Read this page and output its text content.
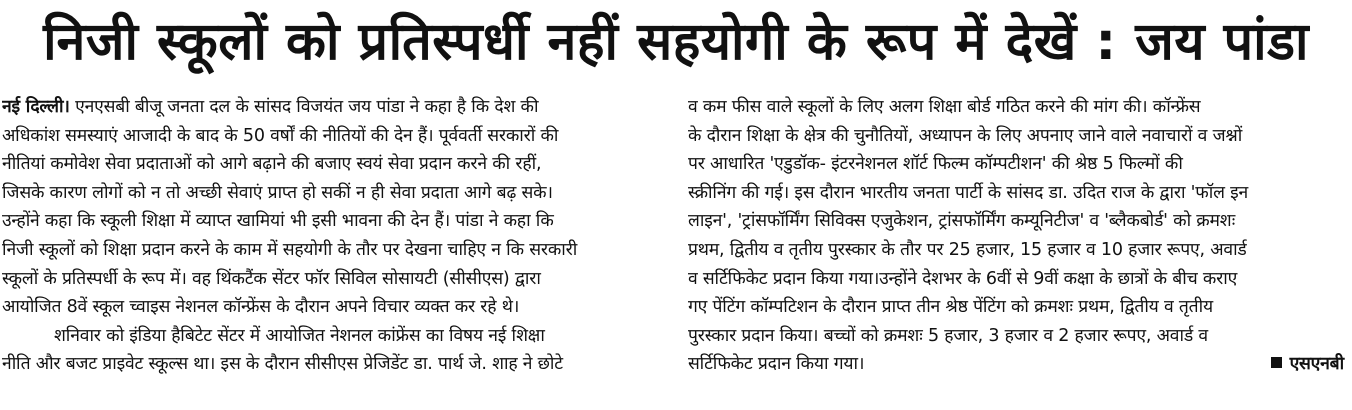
निजी स्कूलों को प्रतिस्पर्धी नहीं सहयोगी के रूप में देखें : जय पांडा
नई दिल्ली। एनएसबी बीजू जनता दल के सांसद विजयंत जय पांडा ने कहा है कि देश की
अधिकांश समस्याएं आजादी के बाद के 50 वर्षों की नीतियों की देन हैं। पूर्ववर्ती सरकारों की
नीतियां कमोवेश सेवा प्रदाताओं को आगे बढ़ाने की बजाए स्वयं सेवा प्रदान करने की रहीं,
जिसके कारण लोगों को न तो अच्छी सेवाएं प्राप्त हो सकीं न ही सेवा प्रदाता आगे बढ़ सके।
उन्होंने कहा कि स्कूली शिक्षा में व्याप्त खामियां भी इसी भावना की देन हैं। पांडा ने कहा कि
निजी स्कूलों को शिक्षा प्रदान करने के काम में सहयोगी के तौर पर देखना चाहिए न कि सरकारी
स्कूलों के प्रतिस्पर्धी के रूप में। वह थिंकटैंक सेंटर फॉर सिविल सोसायटी (सीसीएस) द्वारा
आयोजित 8वें स्कूल च्वाइस नेशनल कॉन्फ्रेंस के दौरान अपने विचार व्यक्त कर रहे थे।
शनिवार को इंडिया हैबिटेट सेंटर में आयोजित नेशनल कांफ्रेंस का विषय नई शिक्षा
नीति और बजट प्राइवेट स्कूल्स था। इस के दौरान सीसीएस प्रेजिडेंट डा. पार्थ जे. शाह ने छोटे
व कम फीस वाले स्कूलों के लिए अलग शिक्षा बोर्ड गठित करने की मांग की। कॉन्फ्रेंस
के दौरान शिक्षा के क्षेत्र की चुनौतियों, अध्यापन के लिए अपनाए जाने वाले नवाचारों व जश्नों
पर आधारित 'एडुडॉक- इंटरनेशनल शॉर्ट फिल्म कॉम्पटीशन' की श्रेष्ठ 5 फिल्मों की
स्क्रीनिंग की गई। इस दौरान भारतीय जनता पार्टी के सांसद डा. उदित राज के द्वारा 'फॉल इन
लाइन', 'ट्रांसफॉर्मिंग सिविक्स एजुकेशन, ट्रांसफॉर्मिंग कम्यूनिटीज' व 'ब्लैकबोर्ड' को क्रमशः
प्रथम, द्वितीय व तृतीय पुरस्कार के तौर पर 25 हजार, 15 हजार व 10 हजार रूपए, अवार्ड
व सर्टिफिकेट प्रदान किया गया।उन्होंने देशभर के 6वीं से 9वीं कक्षा के छात्रों के बीच कराए
गए पेंटिंग कॉम्पटिशन के दौरान प्राप्त तीन श्रेष्ठ पेंटिंग को क्रमशः प्रथम, द्वितीय व तृतीय
पुरस्कार प्रदान किया। बच्चों को क्रमशः 5 हजार, 3 हजार व 2 हजार रूपए, अवार्ड व
सर्टिफिकेट प्रदान किया गया।	एसएनबी
